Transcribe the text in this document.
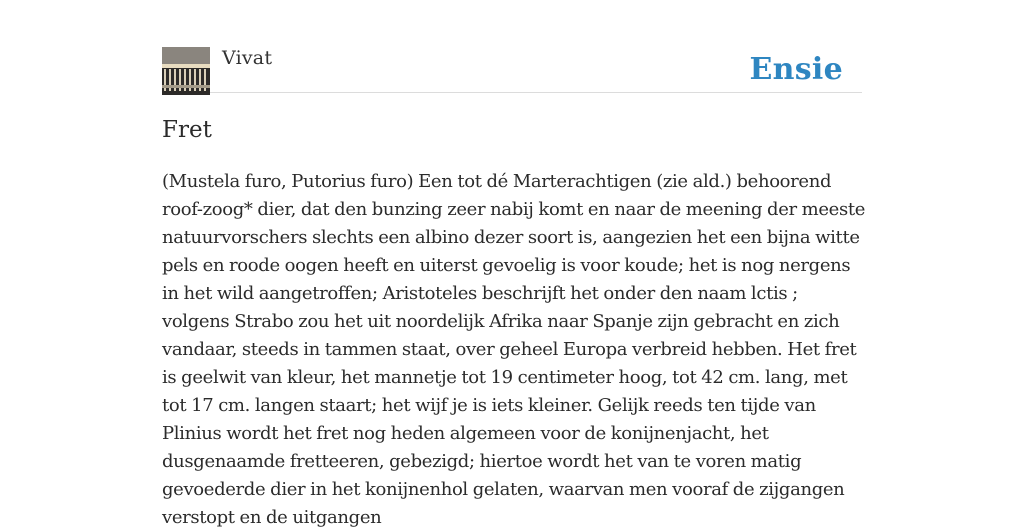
Vivat	Ensie
Fret

(Mustela furo, Putorius furo) Een tot dé Marterachtigen (zie ald.) behoorend roof-zoog* dier, dat den bunzing zeer nabij komt en naar de meening der meeste natuurvorschers slechts een albino dezer soort is, aangezien het een bijna witte pels en roode oogen heeft en uiterst gevoelig is voor koude; het is nog nergens in het wild aangetroffen; Aristoteles beschrijft het onder den naam lctis ; volgens Strabo zou het uit noordelijk Afrika naar Spanje zijn gebracht en zich vandaar, steeds in tammen staat, over geheel Europa verbreid hebben. Het fret is geelwit van kleur, het mannetje tot 19 centimeter hoog, tot 42 cm. lang, met tot 17 cm. langen staart; het wijf je is iets kleiner. Gelijk reeds ten tijde van Plinius wordt het fret nog heden algemeen voor de konijnenjacht, het dusgenaamde fretteeren, gebezigd; hiertoe wordt het van te voren matig gevoederde dier in het konijnenhol gelaten, waarvan men vooraf de zijgangen verstopt en de uitgangen
